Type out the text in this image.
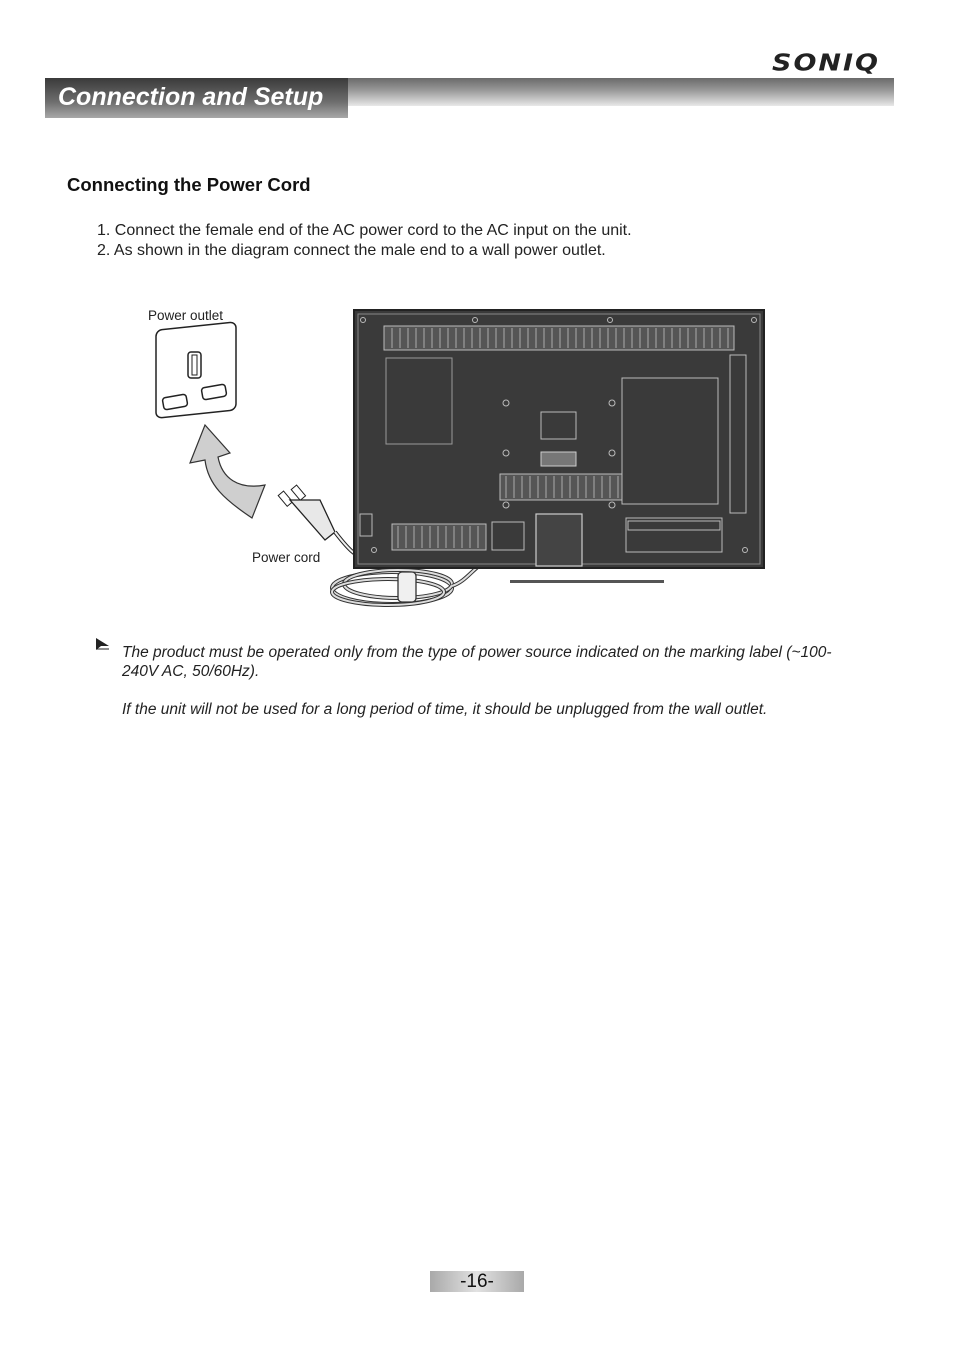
SONIQ
Connection and Setup
Connecting the Power Cord
1. Connect the female end of the AC power cord to the AC input on the unit.
2. As shown in the diagram connect the male end to a wall power outlet.
Power outlet
Power cord
The product must be operated only from the type of power source indicated on the marking label (~100-240V AC, 50/60Hz).
If the unit will not be used for a long period of time, it should be unplugged from the wall outlet.
-16-
